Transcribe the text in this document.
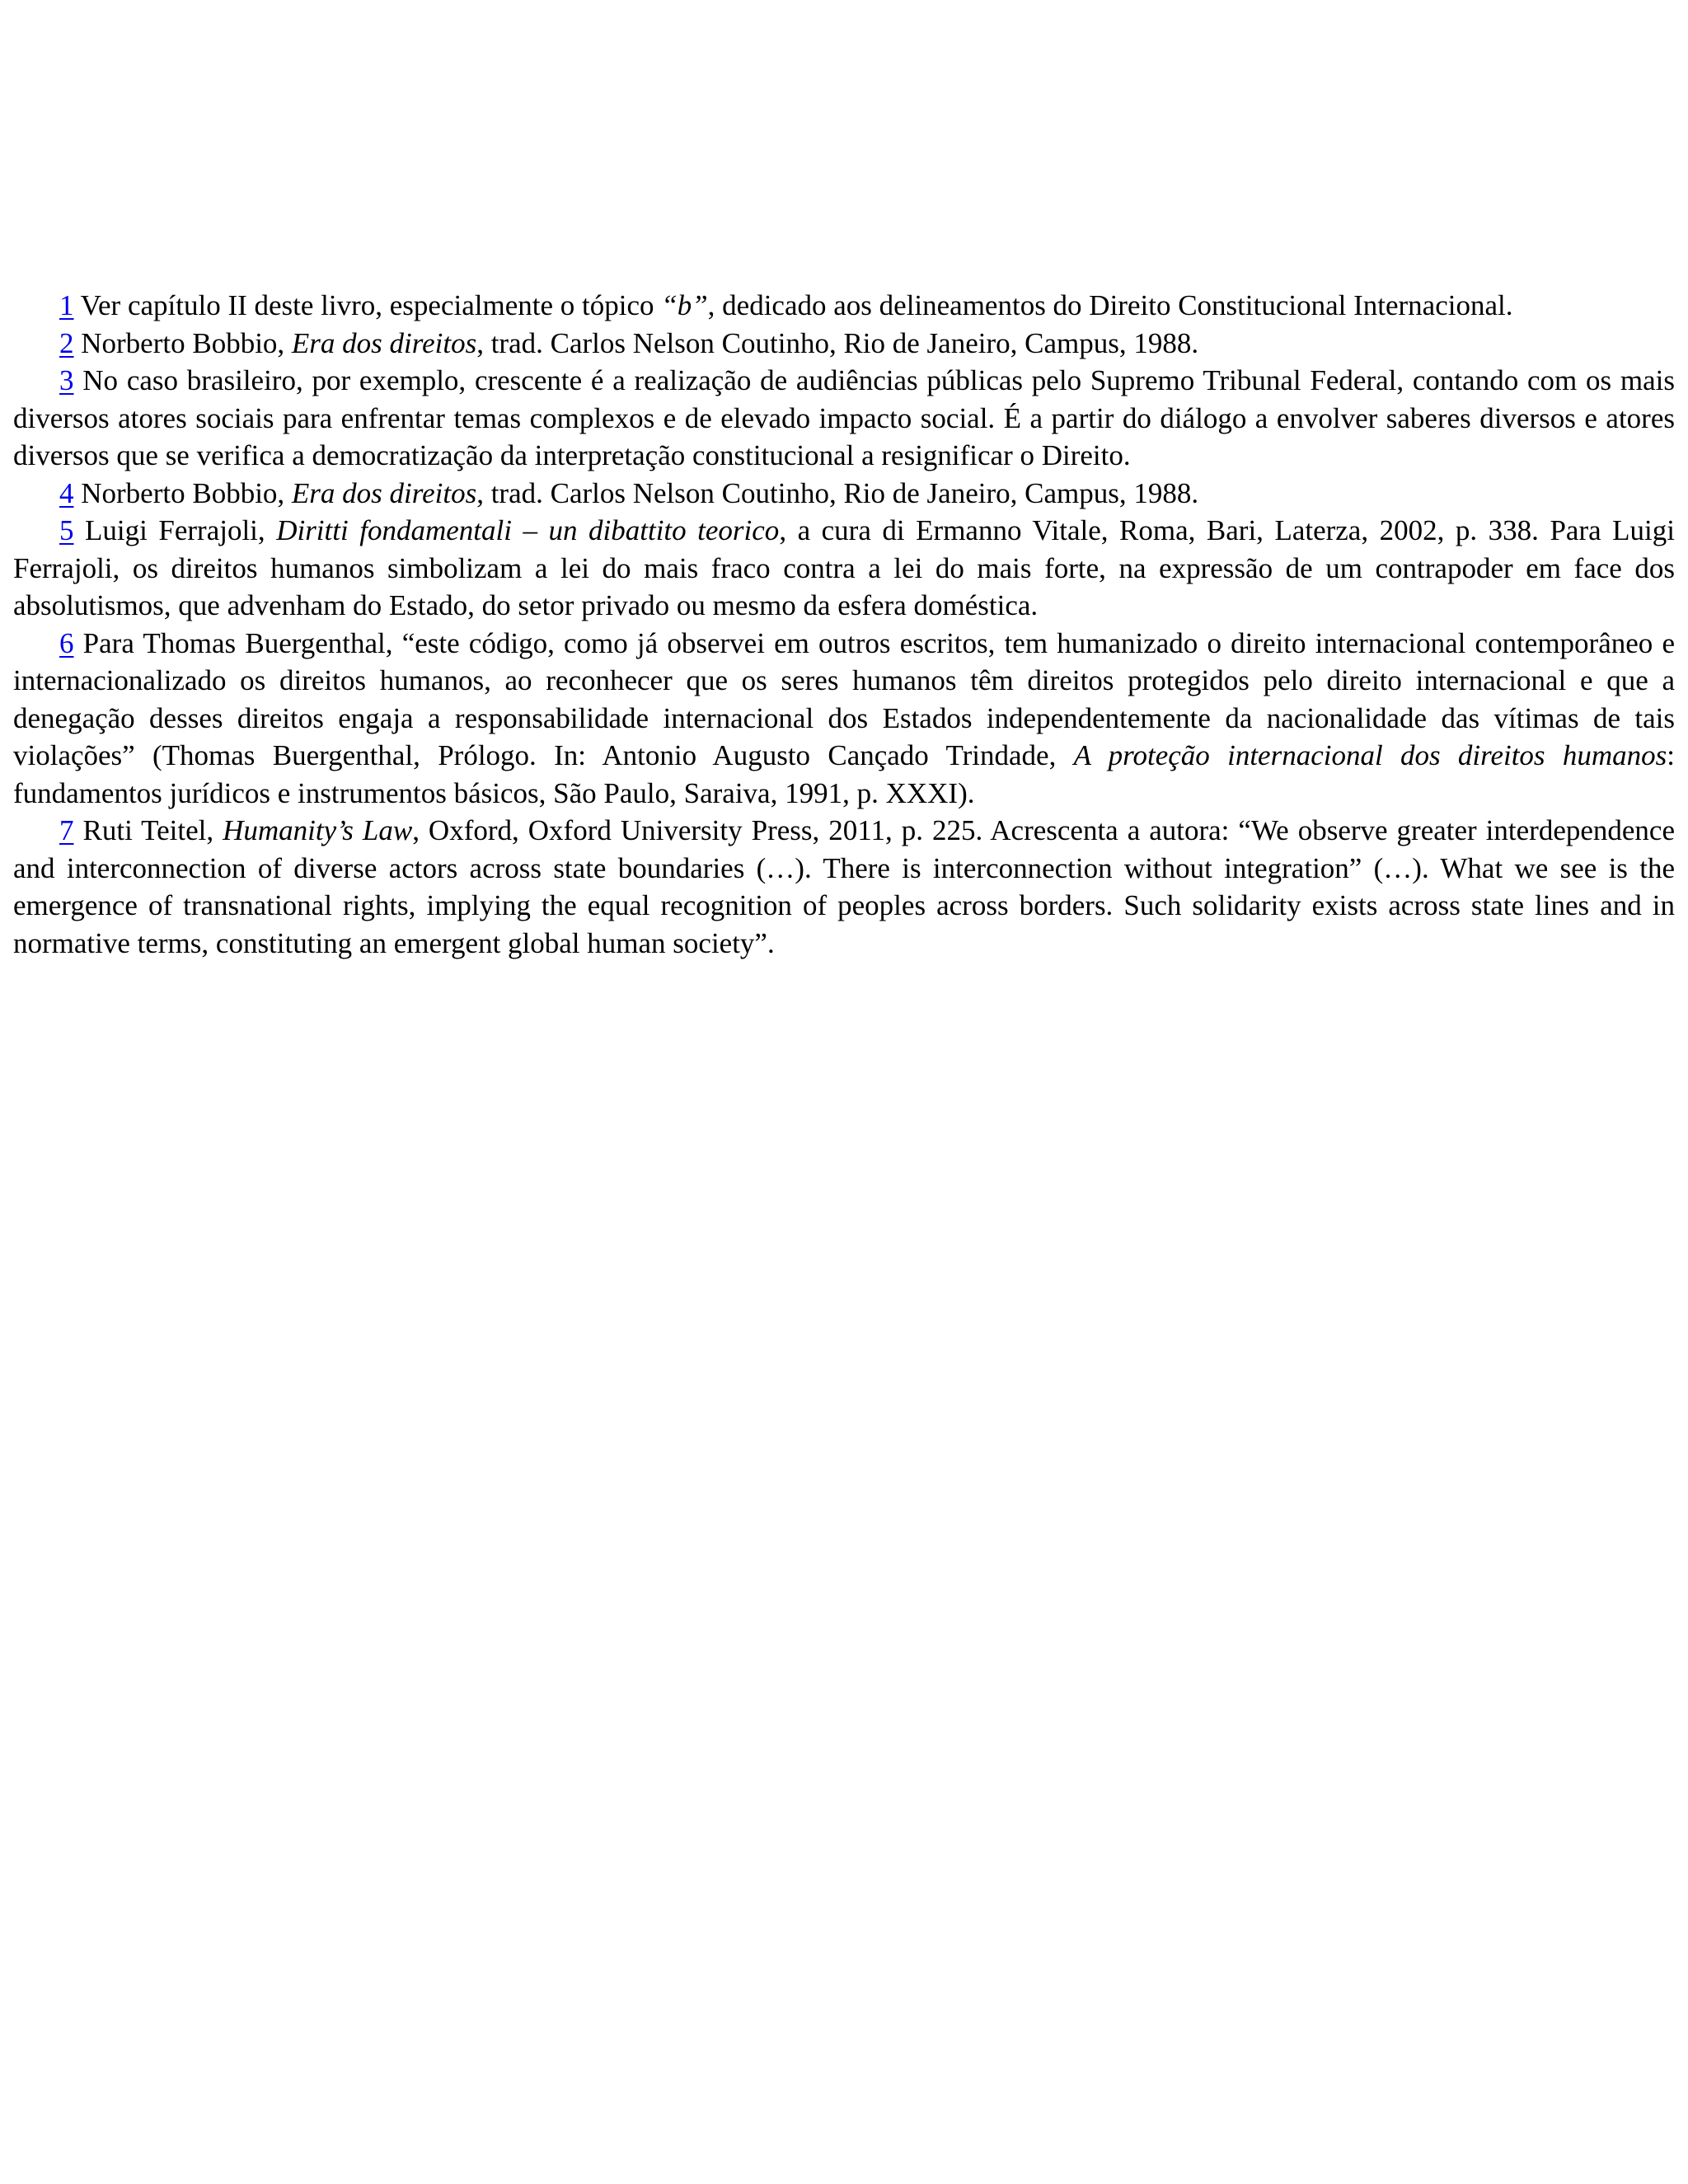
1 Ver capítulo II deste livro, especialmente o tópico “b”, dedicado aos delineamentos do Direito Constitucional Internacional.

2 Norberto Bobbio, Era dos direitos, trad. Carlos Nelson Coutinho, Rio de Janeiro, Campus, 1988.

3 No caso brasileiro, por exemplo, crescente é a realização de audiências públicas pelo Supremo Tribunal Federal, contando com os mais diversos atores sociais para enfrentar temas complexos e de elevado impacto social. É a partir do diálogo a envolver saberes diversos e atores diversos que se verifica a democratização da interpretação constitucional a resignificar o Direito.

4 Norberto Bobbio, Era dos direitos, trad. Carlos Nelson Coutinho, Rio de Janeiro, Campus, 1988.

5 Luigi Ferrajoli, Diritti fondamentali – un dibattito teorico, a cura di Ermanno Vitale, Roma, Bari, Laterza, 2002, p. 338. Para Luigi Ferrajoli, os direitos humanos simbolizam a lei do mais fraco contra a lei do mais forte, na expressão de um contrapoder em face dos absolutismos, que advenham do Estado, do setor privado ou mesmo da esfera doméstica.

6 Para Thomas Buergenthal, “este código, como já observei em outros escritos, tem humanizado o direito internacional contemporâneo e internacionalizado os direitos humanos, ao reconhecer que os seres humanos têm direitos protegidos pelo direito internacional e que a denegação desses direitos engaja a responsabilidade internacional dos Estados independentemente da nacionalidade das vítimas de tais violações” (Thomas Buergenthal, Prólogo. In: Antonio Augusto Cançado Trindade, A proteção internacional dos direitos humanos: fundamentos jurídicos e instrumentos básicos, São Paulo, Saraiva, 1991, p. XXXI).

7 Ruti Teitel, Humanity’s Law, Oxford, Oxford University Press, 2011, p. 225. Acrescenta a autora: “We observe greater interdependence and interconnection of diverse actors across state boundaries (…). There is interconnection without integration” (…). What we see is the emergence of transnational rights, implying the equal recognition of peoples across borders. Such solidarity exists across state lines and in normative terms, constituting an emergent global human society”.
